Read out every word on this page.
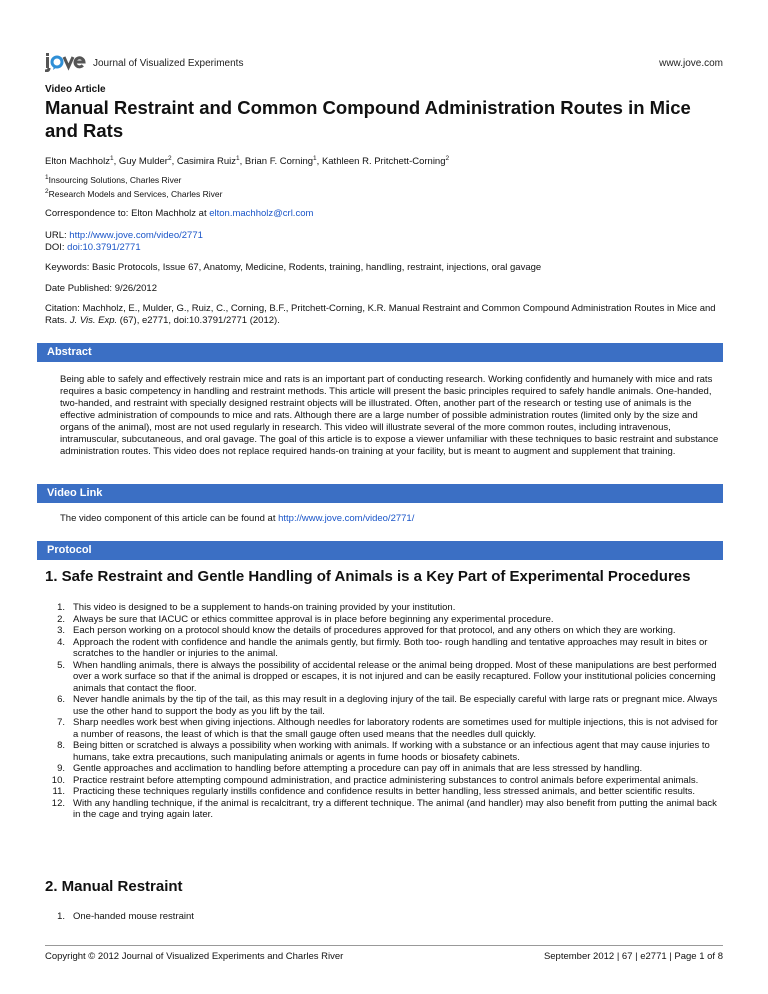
Journal of Visualized Experiments	www.jove.com
Video Article
Manual Restraint and Common Compound Administration Routes in Mice and Rats
Elton Machholz$^1$, Guy Mulder$^2$, Casimira Ruiz$^1$, Brian F. Corning$^1$, Kathleen R. Pritchett-Corning$^2$
$^1$Insourcing Solutions, Charles River
$^2$Research Models and Services, Charles River
Correspondence to: Elton Machholz at elton.machholz@crl.com
URL: http://www.jove.com/video/2771
DOI: doi:10.3791/2771
Keywords: Basic Protocols, Issue 67, Anatomy, Medicine, Rodents, training, handling, restraint, injections, oral gavage
Date Published: 9/26/2012
Citation: Machholz, E., Mulder, G., Ruiz, C., Corning, B.F., Pritchett-Corning, K.R. Manual Restraint and Common Compound Administration Routes in Mice and Rats. J. Vis. Exp. (67), e2771, doi:10.3791/2771 (2012).
Abstract

Being able to safely and effectively restrain mice and rats is an important part of conducting research. Working confidently and humanely with mice and rats requires a basic competency in handling and restraint methods. This article will present the basic principles required to safely handle animals. One-handed, two-handed, and restraint with specially designed restraint objects will be illustrated. Often, another part of the research or testing use of animals is the effective administration of compounds to mice and rats. Although there are a large number of possible administration routes (limited only by the size and organs of the animal), most are not used regularly in research. This video will illustrate several of the more common routes, including intravenous, intramuscular, subcutaneous, and oral gavage. The goal of this article is to expose a viewer unfamiliar with these techniques to basic restraint and substance administration routes. This video does not replace required hands-on training at your facility, but is meant to augment and supplement that training.

Video Link
The video component of this article can be found at http://www.jove.com/video/2771/
Protocol
1. Safe Restraint and Gentle Handling of Animals is a Key Part of Experimental Procedures
1. This video is designed to be a supplement to hands-on training provided by your institution.
2. Always be sure that IACUC or ethics committee approval is in place before beginning any experimental procedure.
3. Each person working on a protocol should know the details of procedures approved for that protocol, and any others on which they are working.
4. Approach the rodent with confidence and handle the animals gently, but firmly. Both too- rough handling and tentative approaches may result in bites or scratches to the handler or injuries to the animal.
5. When handling animals, there is always the possibility of accidental release or the animal being dropped. Most of these manipulations are best performed over a work surface so that if the animal is dropped or escapes, it is not injured and can be easily recaptured. Follow your institutional policies concerning animals that contact the floor.
6. Never handle animals by the tip of the tail, as this may result in a degloving injury of the tail. Be especially careful with large rats or pregnant mice. Always use the other hand to support the body as you lift by the tail.
7. Sharp needles work best when giving injections. Although needles for laboratory rodents are sometimes used for multiple injections, this is not advised for a number of reasons, the least of which is that the small gauge often used means that the needles dull quickly.
8. Being bitten or scratched is always a possibility when working with animals. If working with a substance or an infectious agent that may cause injuries to humans, take extra precautions, such manipulating animals or agents in fume hoods or biosafety cabinets.
9. Gentle approaches and acclimation to handling before attempting a procedure can pay off in animals that are less stressed by handling.
10. Practice restraint before attempting compound administration, and practice administering substances to control animals before experimental animals.
11. Practicing these techniques regularly instills confidence and confidence results in better handling, less stressed animals, and better scientific results.
12. With any handling technique, if the animal is recalcitrant, try a different technique. The animal (and handler) may also benefit from putting the animal back in the cage and trying again later.
2. Manual Restraint
1. One-handed mouse restraint
Copyright © 2012 Journal of Visualized Experiments and Charles River	September 2012 | 67 | e2771 | Page 1 of 8
